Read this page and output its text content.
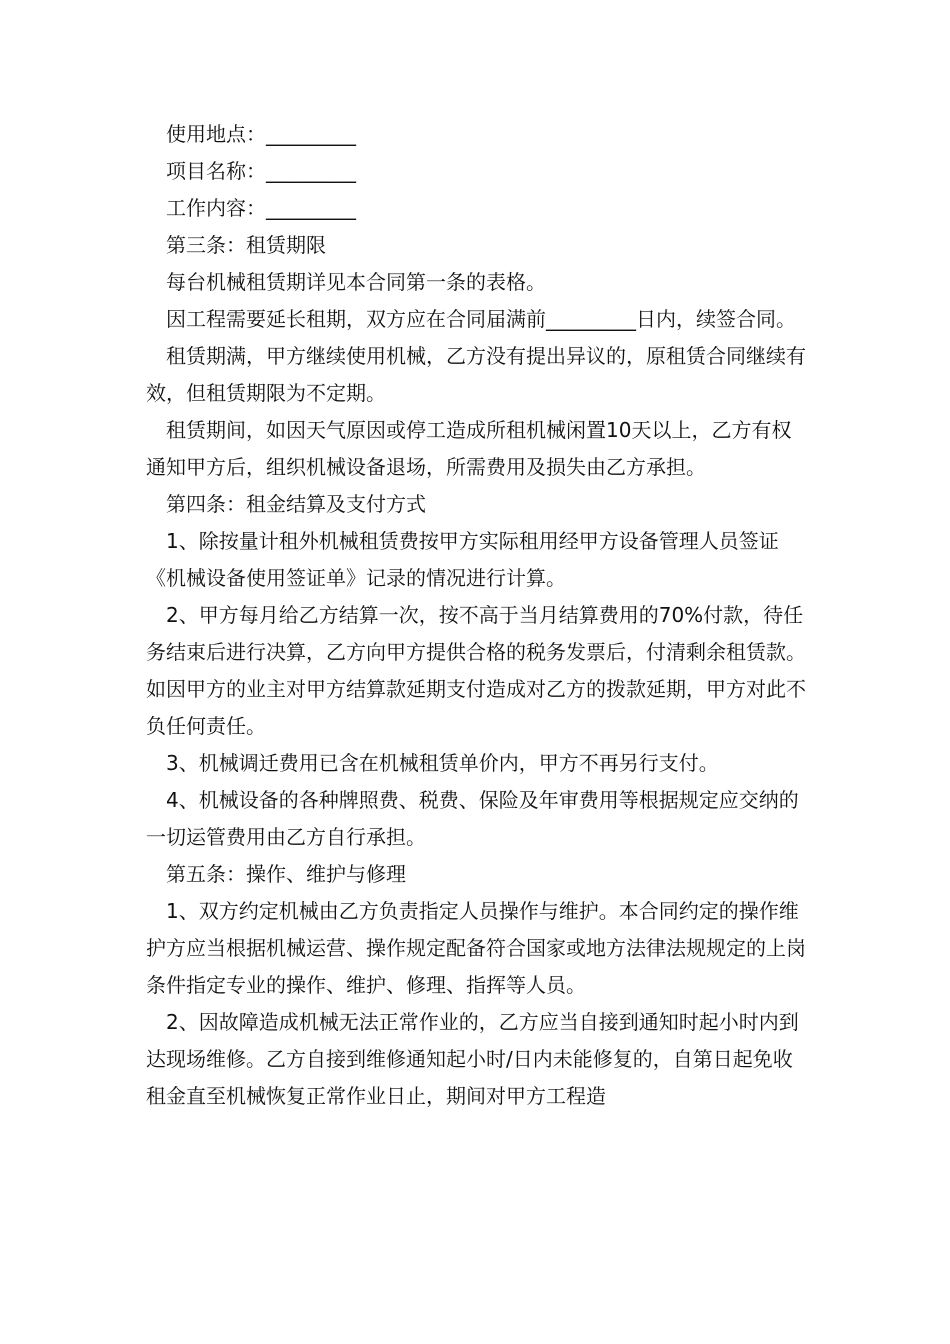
使用地点：_________

项目名称：_________

工作内容：_________

第三条：租赁期限

每台机械租赁期详见本合同第一条的表格。

因工程需要延长租期，双方应在合同届满前_________日内，续签合同。

租赁期满，甲方继续使用机械，乙方没有提出异议的，原租赁合同继续有效，但租赁期限为不定期。

租赁期间，如因天气原因或停工造成所租机械闲置10天以上，乙方有权通知甲方后，组织机械设备退场，所需费用及损失由乙方承担。

第四条：租金结算及支付方式

1、除按量计租外机械租赁费按甲方实际租用经甲方设备管理人员签证《机械设备使用签证单》记录的情况进行计算。

2、甲方每月给乙方结算一次，按不高于当月结算费用的70%付款，待任务结束后进行决算，乙方向甲方提供合格的税务发票后，付清剩余租赁款。如因甲方的业主对甲方结算款延期支付造成对乙方的拨款延期，甲方对此不负任何责任。

3、机械调迁费用已含在机械租赁单价内，甲方不再另行支付。

4、机械设备的各种牌照费、税费、保险及年审费用等根据规定应交纳的一切运管费用由乙方自行承担。

第五条：操作、维护与修理

1、双方约定机械由乙方负责指定人员操作与维护。本合同约定的操作维护方应当根据机械运营、操作规定配备符合国家或地方法律法规规定的上岗条件指定专业的操作、维护、修理、指挥等人员。

2、因故障造成机械无法正常作业的，乙方应当自接到通知时起小时内到达现场维修。乙方自接到维修通知起小时/日内未能修复的，自第日起免收租金直至机械恢复正常作业日止，期间对甲方工程造
